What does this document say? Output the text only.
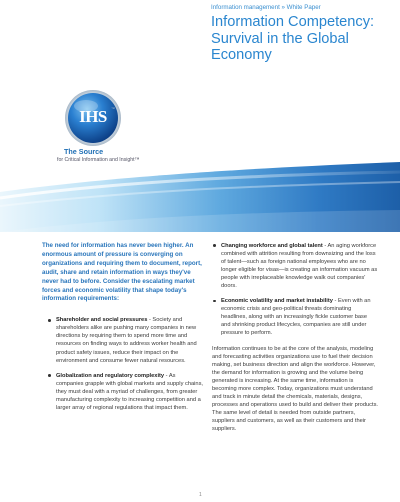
Information management » White Paper
Information Competency: Survival in the Global Economy
IHS	™
The Source
for Critical Information and Insight™

The need for information has never been higher. An enormous amount of pressure is converging on organizations and requiring them to document, report, audit, share and retain information in ways they've never had to before. Consider the escalating market forces and economic volatility that shape today's information requirements:

Shareholder and social pressures - Society and shareholders alike are pushing many companies in new directions by requiring them to spend more time and resources on finding ways to address worker health and product safety issues, reduce their impact on the environment and consume fewer natural resources.
Globalization and regulatory complexity - As companies grapple with global markets and supply chains, they must deal with a myriad of challenges, from greater manufacturing complexity to increasing competition and a larger array of regional regulations that impact them.
Changing workforce and global talent - An aging workforce combined with attrition resulting from downsizing and the loss of talent—such as foreign national employees who are no longer eligible for visas—is creating an information vacuum as people with irreplaceable knowledge walk out companies' doors.
Economic volatility and market instability - Even with an economic crisis and geo-political threats dominating headlines, along with an increasingly fickle customer base and shrinking product lifecycles, companies are still under pressure to perform.

Information continues to be at the core of the analysis, modeling and forecasting activities organizations use to fuel their decision making, set business direction and align the workforce. However, the demand for information is growing and the volume being generated is increasing. At the same time, information is becoming more complex. Today, organizations must understand and track in minute detail the chemicals, materials, designs, processes and operations used to build and deliver their products. The same level of detail is needed from outside partners, suppliers and customers, as well as their customers and their suppliers.

1
